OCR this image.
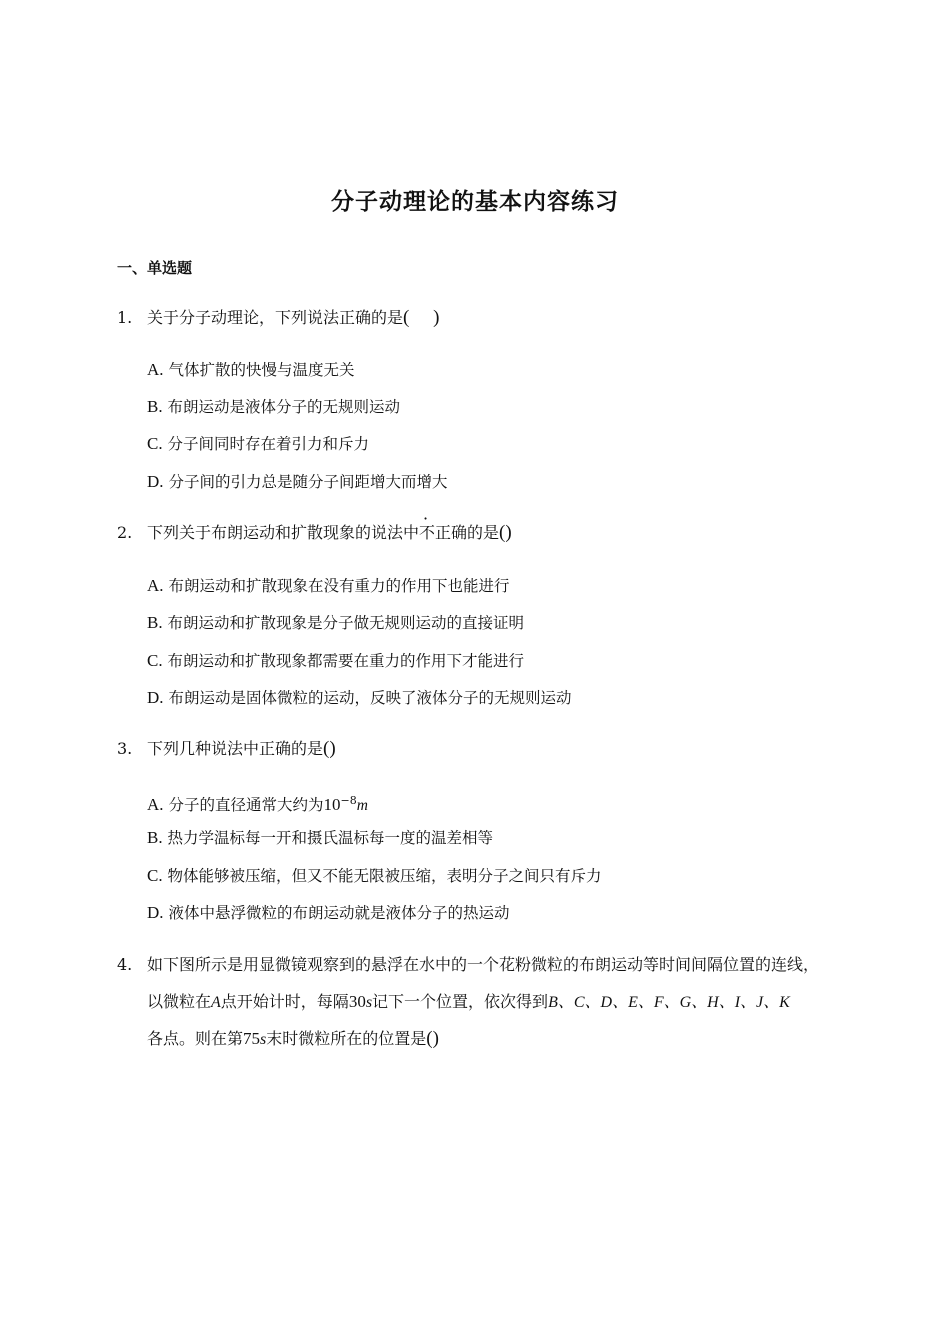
分子动理论的基本内容练习
一、单选题
1. 关于分子动理论，下列说法正确的是(　 )
A. 气体扩散的快慢与温度无关
B. 布朗运动是液体分子的无规则运动
C. 分子间同时存在着引力和斥力
D. 分子间的引力总是随分子间距增大而增大
2. 下列关于布朗运动和扩散现象的说法中不正确的是()
A. 布朗运动和扩散现象在没有重力的作用下也能进行
B. 布朗运动和扩散现象是分子做无规则运动的直接证明
C. 布朗运动和扩散现象都需要在重力的作用下才能进行
D. 布朗运动是固体微粒的运动，反映了液体分子的无规则运动
3. 下列几种说法中正确的是()
A. 分子的直径通常大约为$10^{-8}m$
B. 热力学温标每一开和摄氏温标每一度的温差相等
C. 物体能够被压缩，但又不能无限被压缩，表明分子之间只有斥力
D. 液体中悬浮微粒的布朗运动就是液体分子的热运动
4. 如下图所示是用显微镜观察到的悬浮在水中的一个花粉微粒的布朗运动等时间间隔位置的连线，
以微粒在A点开始计时，每隔30s记下一个位置，依次得到B、C、D、E、F、G、H、I、J、K
各点。则在第75s末时微粒所在的位置是()
